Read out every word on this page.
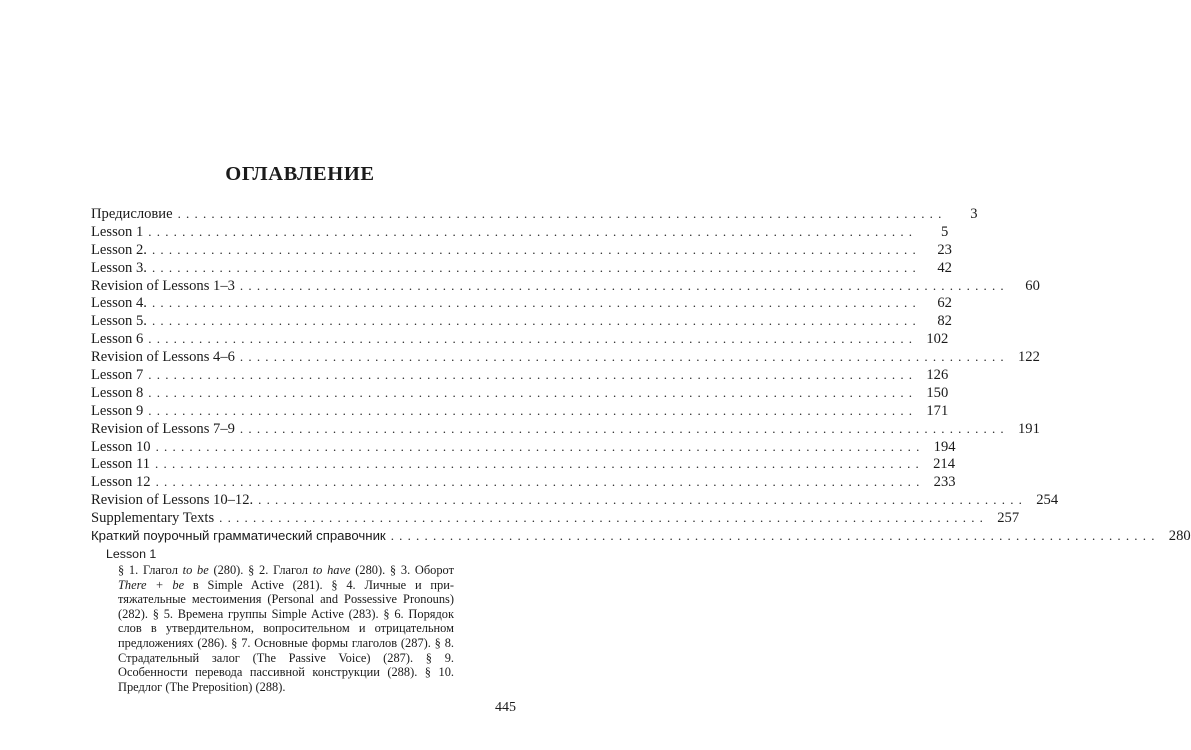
ОГЛАВЛЕНИЕ
Предисловие ...........................................................................................	3
Lesson 1 ...........................................................................................	5
Lesson 2. ...........................................................................................	23
Lesson 3. ...........................................................................................	42
Revision of Lessons 1–3 ...........................................................................................	60
Lesson 4. ...........................................................................................	62
Lesson 5. ...........................................................................................	82
Lesson 6 ........................................................................................... 102
Revision of Lessons 4–6 ........................................................................................... 122
Lesson 7 ........................................................................................... 126
Lesson 8 ........................................................................................... 150
Lesson 9 ........................................................................................... 171
Revision of Lessons 7–9 ........................................................................................... 191
Lesson 10 ........................................................................................... 194
Lesson 11 ........................................................................................... 214
Lesson 12 ........................................................................................... 233
Revision of Lessons 10–12. ........................................................................................... 254
Supplementary Texts ........................................................................................... 257
Краткий поурочный грамматический справочник ........................................................................................... 280
Lesson 1
§ 1. Глагол to be (280). § 2. Глагол to have (280). § 3. Оборот There + be в Simple Active (281). § 4. Личные и притяжательные местоимения (Personal and Possessive Pronouns) (282). § 5. Времена группы Simple Active (283). § 6. Порядок слов в утвердительном, вопросительном и отрицательном предложениях (286). § 7. Основные формы глаголов (287). § 8. Страдательный залог (The Passive Voice) (287). § 9. Особенности перевода пассивной конструкции (288). § 10. Предлог (The Preposition) (288).
445
